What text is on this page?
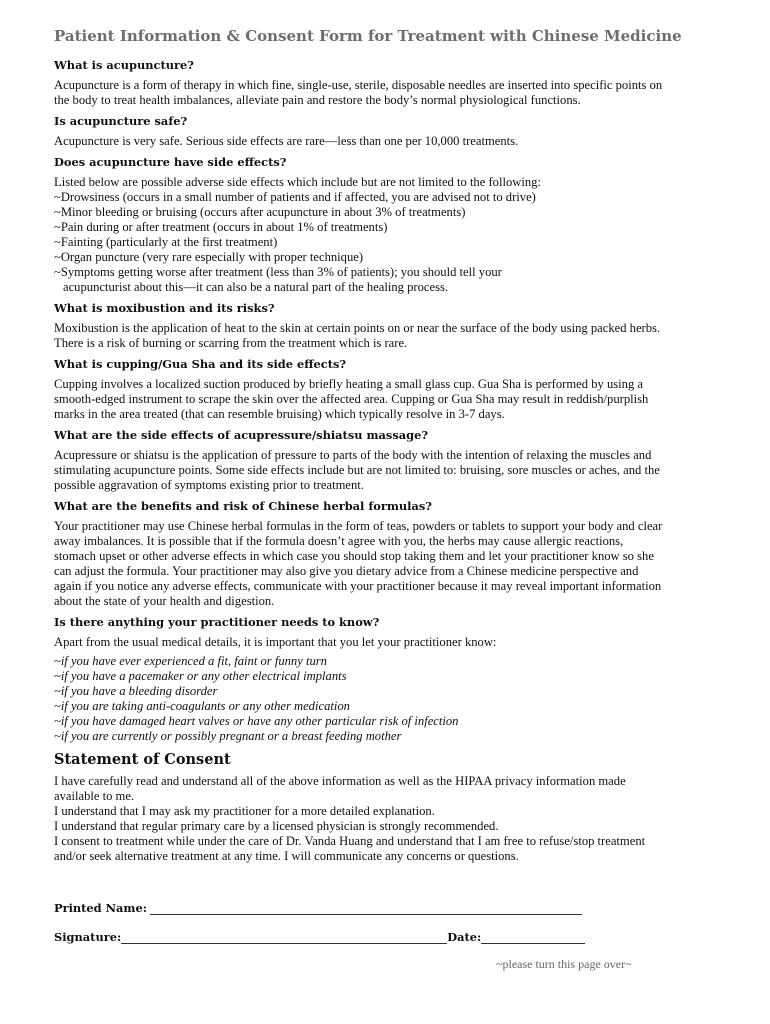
Patient Information & Consent Form for Treatment with Chinese Medicine
What is acupuncture?
Acupuncture is a form of therapy in which fine, single-use, sterile, disposable needles are inserted into specific points on
the body to treat health imbalances, alleviate pain and restore the body’s normal physiological functions.
Is acupuncture safe?
Acupuncture is very safe. Serious side effects are rare—less than one per 10,000 treatments.
Does acupuncture have side effects?
Listed below are possible adverse side effects which include but are not limited to the following:
~Drowsiness (occurs in a small number of patients and if affected, you are advised not to drive)
~Minor bleeding or bruising (occurs after acupuncture in about 3% of treatments)
~Pain during or after treatment (occurs in about 1% of treatments)
~Fainting (particularly at the first treatment)
~Organ puncture (very rare especially with proper technique)
~Symptoms getting worse after treatment (less than 3% of patients); you should tell your
acupuncturist about this—it can also be a natural part of the healing process.
What is moxibustion and its risks?
Moxibustion is the application of heat to the skin at certain points on or near the surface of the body using packed herbs.
There is a risk of burning or scarring from the treatment which is rare.
What is cupping/Gua Sha and its side effects?
Cupping involves a localized suction produced by briefly heating a small glass cup. Gua Sha is performed by using a
smooth-edged instrument to scrape the skin over the affected area. Cupping or Gua Sha may result in reddish/purplish
marks in the area treated (that can resemble bruising) which typically resolve in 3-7 days.
What are the side effects of acupressure/shiatsu massage?
Acupressure or shiatsu is the application of pressure to parts of the body with the intention of relaxing the muscles and
stimulating acupuncture points. Some side effects include but are not limited to: bruising, sore muscles or aches, and the
possible aggravation of symptoms existing prior to treatment.
What are the benefits and risk of Chinese herbal formulas?
Your practitioner may use Chinese herbal formulas in the form of teas, powders or tablets to support your body and clear
away imbalances. It is possible that if the formula doesn’t agree with you, the herbs may cause allergic reactions,
stomach upset or other adverse effects in which case you should stop taking them and let your practitioner know so she
can adjust the formula. Your practitioner may also give you dietary advice from a Chinese medicine perspective and
again if you notice any adverse effects, communicate with your practitioner because it may reveal important information
about the state of your health and digestion.
Is there anything your practitioner needs to know?
Apart from the usual medical details, it is important that you let your practitioner know:
~if you have ever experienced a fit, faint or funny turn
~if you have a pacemaker or any other electrical implants
~if you have a bleeding disorder
~if you are taking anti-coagulants or any other medication
~if you have damaged heart valves or have any other particular risk of infection
~if you are currently or possibly pregnant or a breast feeding mother
Statement of Consent
I have carefully read and understand all of the above information as well as the HIPAA privacy information made
available to me.
I understand that I may ask my practitioner for a more detailed explanation.
I understand that regular primary care by a licensed physician is strongly recommended.
I consent to treatment while under the care of Dr. Vanda Huang and understand that I am free to refuse/stop treatment
and/or seek alternative treatment at any time. I will communicate any concerns or questions.
Printed Name:
Signature:	Date:
~please turn this page over~
